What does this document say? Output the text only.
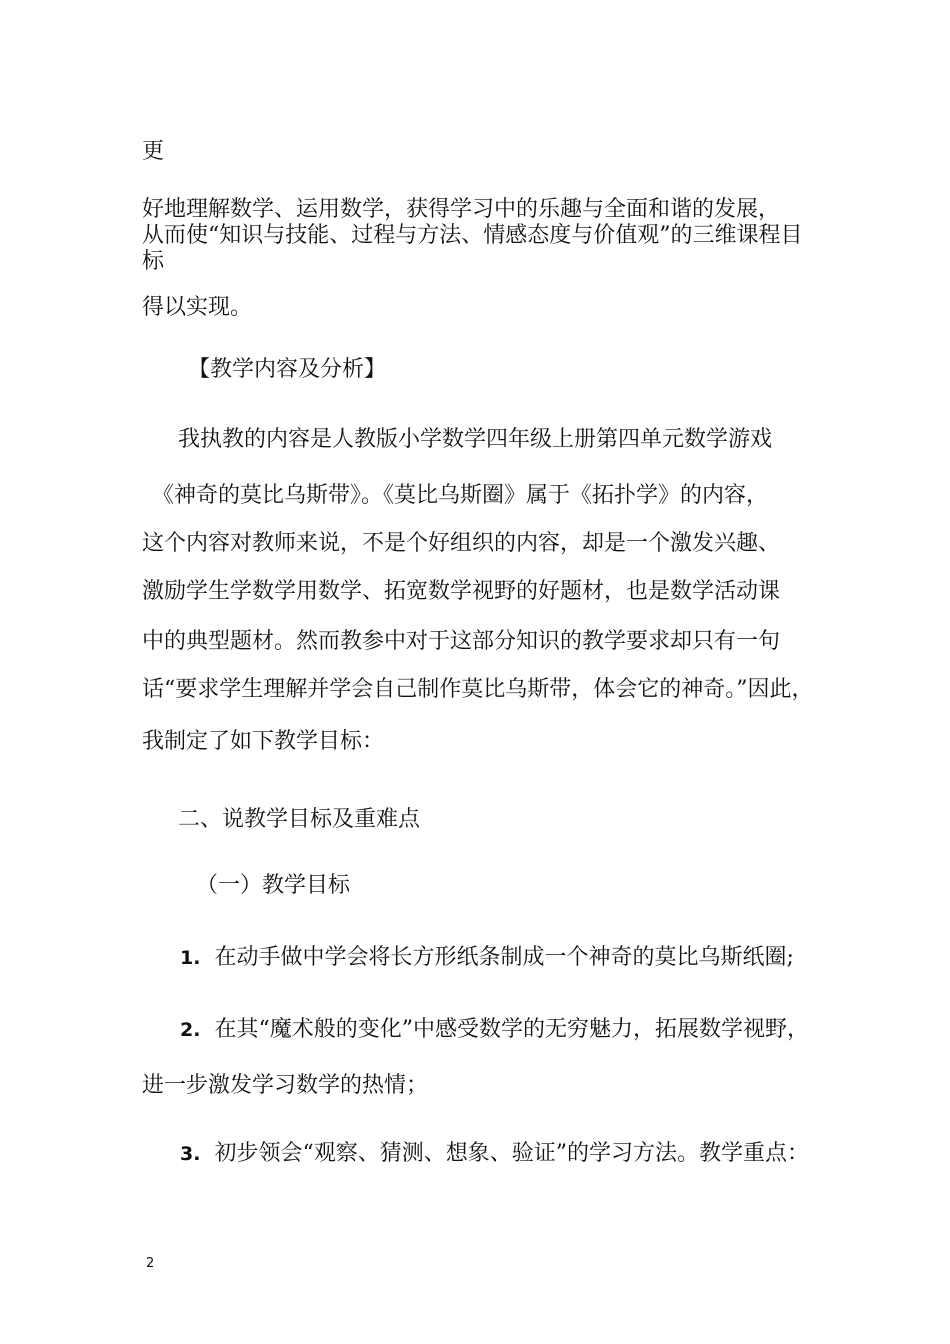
更
好地理解数学、运用数学，获得学习中的乐趣与全面和谐的发展，
从而使“知识与技能、过程与方法、情感态度与价值观”的三维课程目
标
得以实现。
【教学内容及分析】
我执教的内容是人教版小学数学四年级上册第四单元数学游戏
《神奇的莫比乌斯带》。《莫比乌斯圈》属于《拓扑学》的内容，
这个内容对教师来说，不是个好组织的内容，却是一个激发兴趣、
激励学生学数学用数学、拓宽数学视野的好题材，也是数学活动课
中的典型题材。然而教参中对于这部分知识的教学要求却只有一句
话“要求学生理解并学会自己制作莫比乌斯带，体会它的神奇。”因此，
我制定了如下教学目标：
二、说教学目标及重难点
（一）教学目标
1. 在动手做中学会将长方形纸条制成一个神奇的莫比乌斯纸圈;
2. 在其“魔术般的变化”中感受数学的无穷魅力，拓展数学视野，
进一步激发学习数学的热情；
3. 初步领会“观察、猜测、想象、验证”的学习方法。教学重点：
2
